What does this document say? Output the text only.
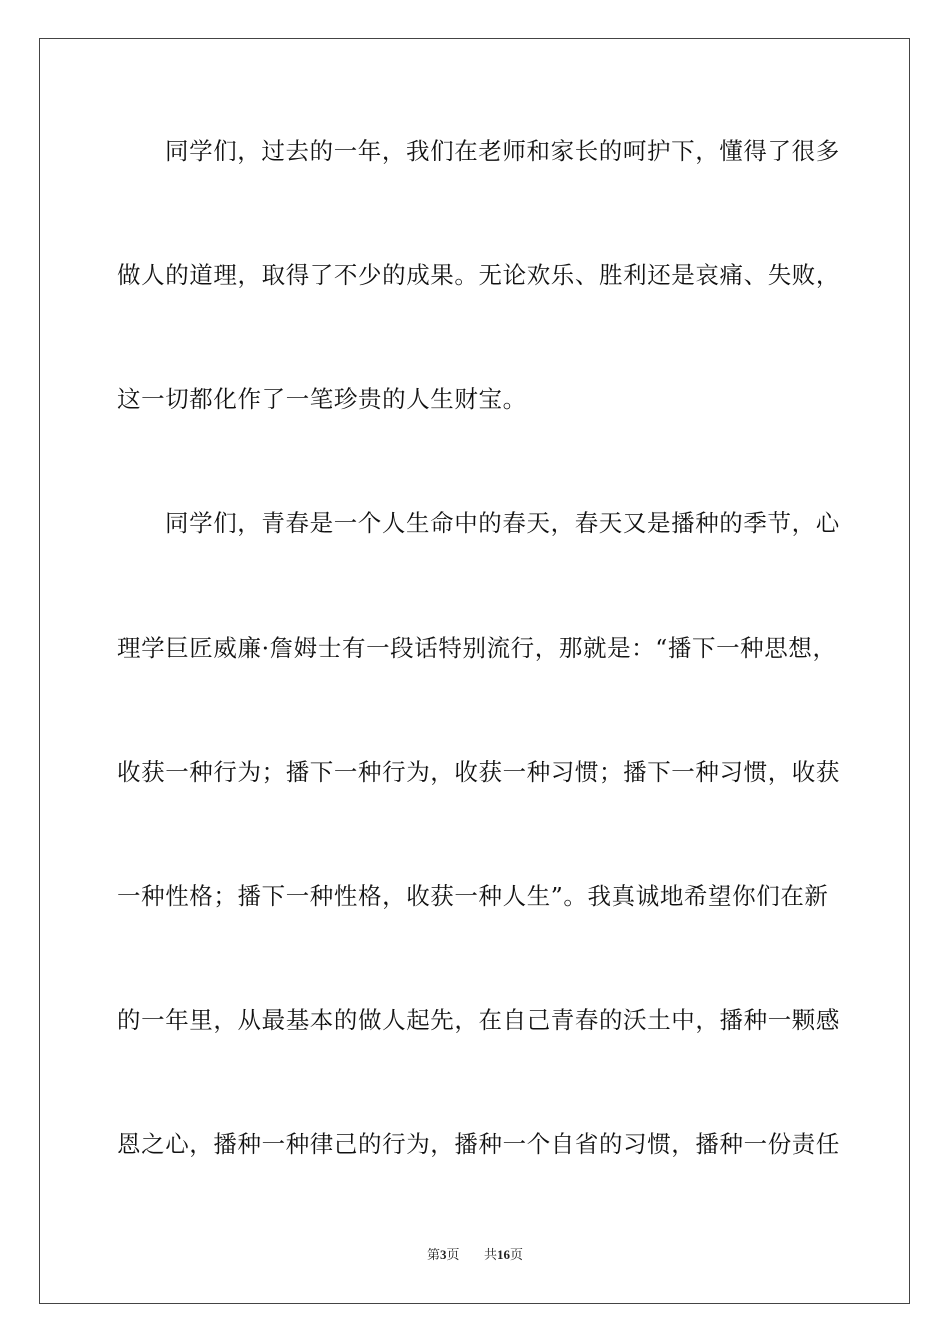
同学们，过去的一年，我们在老师和家长的呵护下，懂得了很多
做人的道理，取得了不少的成果。无论欢乐、胜利还是哀痛、失败，
这一切都化作了一笔珍贵的人生财宝。
同学们，青春是一个人生命中的春天，春天又是播种的季节，心
理学巨匠威廉·詹姆士有一段话特别流行，那就是：“播下一种思想，
收获一种行为；播下一种行为，收获一种习惯；播下一种习惯，收获
一种性格；播下一种性格，收获一种人生”。我真诚地希望你们在新
的一年里，从最基本的做人起先，在自己青春的沃土中，播种一颗感
恩之心，播种一种律己的行为，播种一个自省的习惯，播种一份责任
第3页 共16页
